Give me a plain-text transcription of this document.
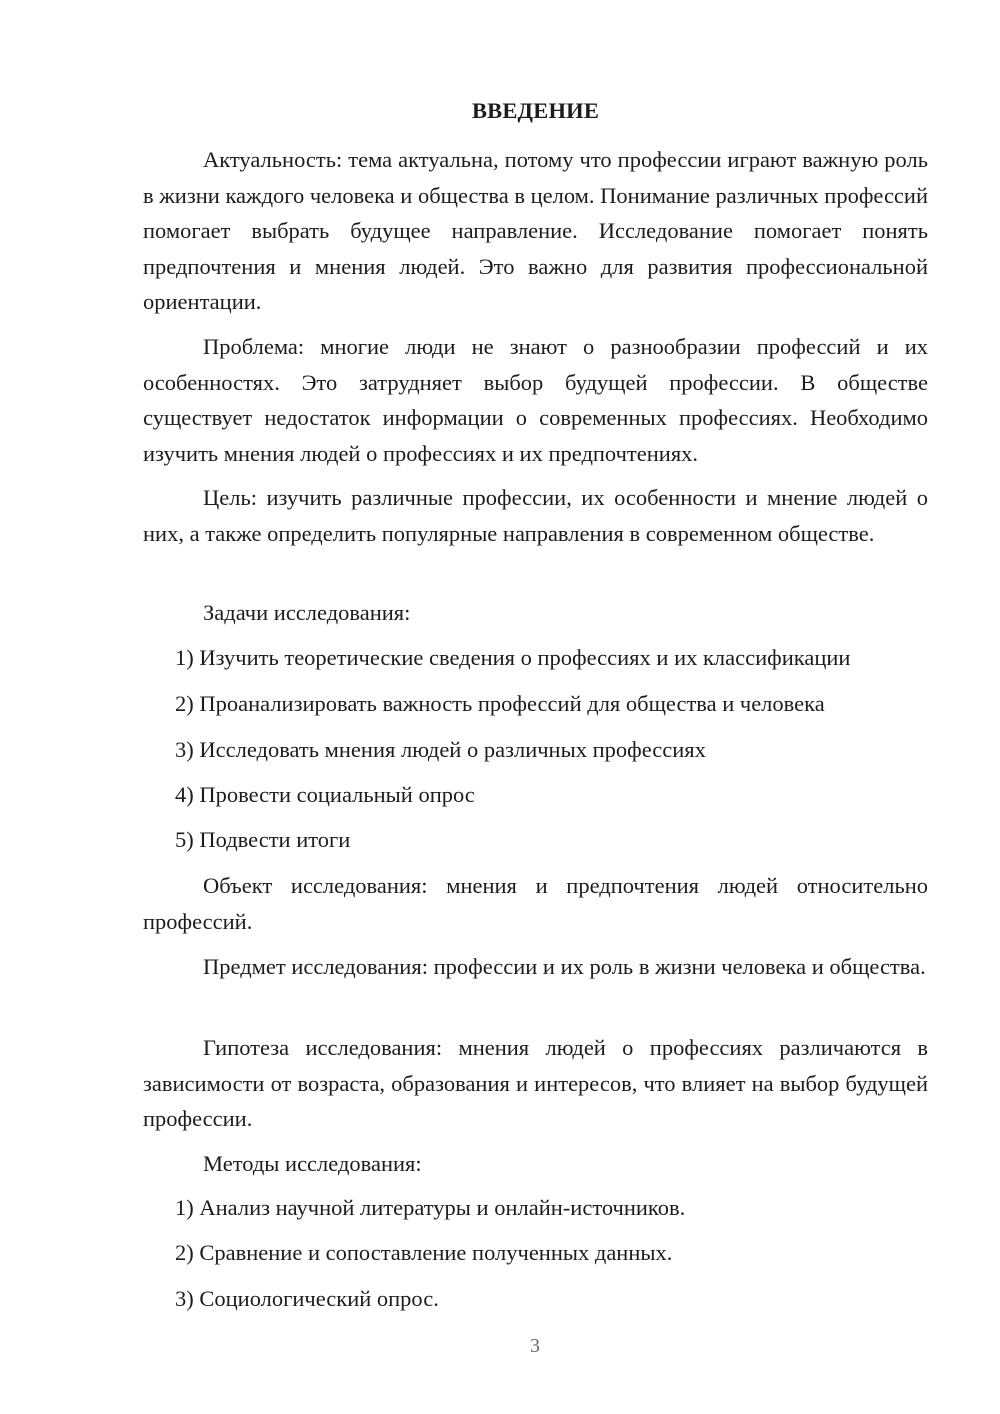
ВВЕДЕНИЕ

Актуальность: тема актуальна, потому что профессии играют важную роль в жизни каждого человека и общества в целом. Понимание различных профессий помогает выбрать будущее направление. Исследование помогает понять предпочтения и мнения людей. Это важно для развития профессиональной ориентации.

Проблема: многие люди не знают о разнообразии профессий и их особенностях. Это затрудняет выбор будущей профессии. В обществе существует недостаток информации о современных профессиях. Необходимо изучить мнения людей о профессиях и их предпочтениях.

Цель: изучить различные профессии, их особенности и мнение людей о них, а также определить популярные направления в современном обществе.

Задачи исследования:

1) Изучить теоретические сведения о профессиях и их классификации
2) Проанализировать важность профессий для общества и человека
3) Исследовать мнения людей о различных профессиях
4) Провести социальный опрос
5) Подвести итоги

Объект исследования: мнения и предпочтения людей относительно профессий.

Предмет исследования: профессии и их роль в жизни человека и общества.

Гипотеза исследования: мнения людей о профессиях различаются в зависимости от возраста, образования и интересов, что влияет на выбор будущей профессии.

Методы исследования:

1) Анализ научной литературы и онлайн-источников.
2) Сравнение и сопоставление полученных данных.
3) Социологический опрос.
3
